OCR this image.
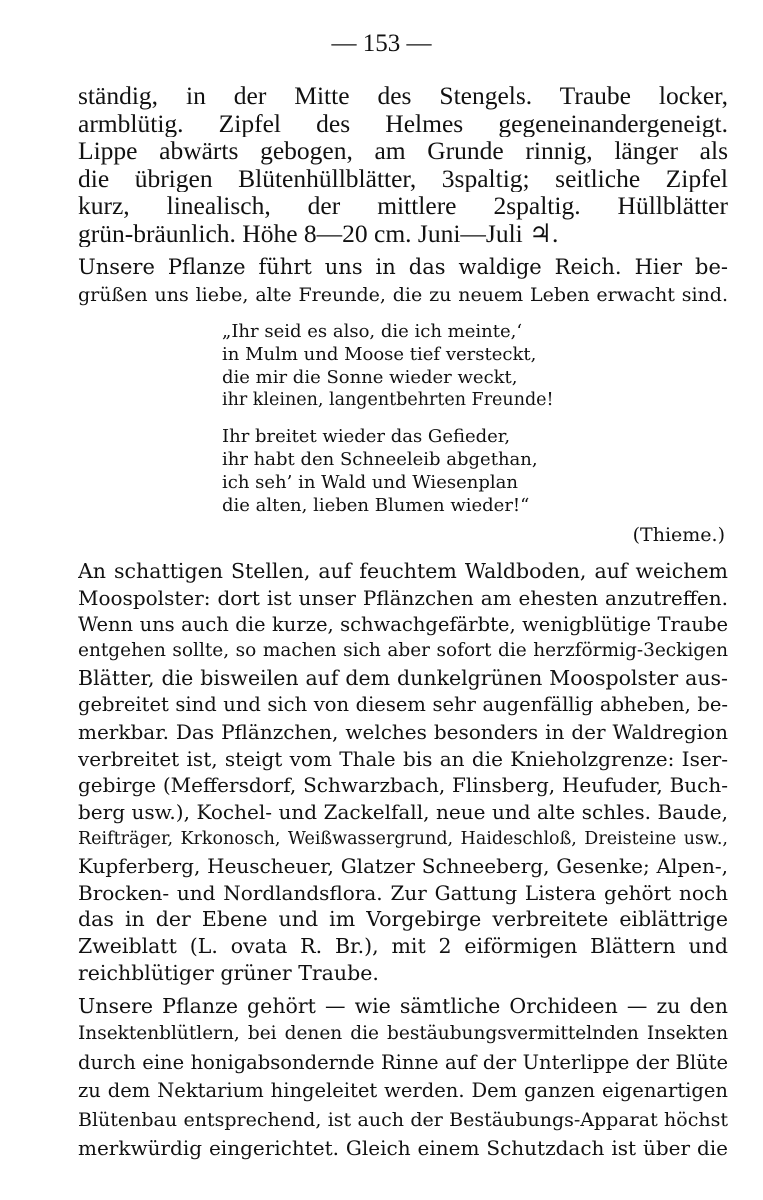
— 153 —
ständig, in der Mitte des Stengels. Traube locker,
armblütig. Zipfel des Helmes gegeneinandergeneigt.
Lippe abwärts gebogen, am Grunde rinnig, länger als
die übrigen Blütenhüllblätter, 3spaltig; seitliche Zipfel
kurz, linealisch, der mittlere 2spaltig. Hüllblätter
grün-bräunlich. Höhe 8—20 cm. Juni—Juli ♃.
Unsere Pflanze führt uns in das waldige Reich. Hier be-
grüßen uns liebe, alte Freunde, die zu neuem Leben erwacht sind.
„Ihr seid es also, die ich meinte,‘
in Mulm und Moose tief versteckt,
die mir die Sonne wieder weckt,
ihr kleinen, langentbehrten Freunde!
Ihr breitet wieder das Gefieder,
ihr habt den Schneeleib abgethan,
ich seh’ in Wald und Wiesenplan
die alten, lieben Blumen wieder!“
(Thieme.)
An schattigen Stellen, auf feuchtem Waldboden, auf weichem
Moospolster: dort ist unser Pflänzchen am ehesten anzutreffen.
Wenn uns auch die kurze, schwachgefärbte, wenigblütige Traube
entgehen sollte, so machen sich aber sofort die herzförmig-3eckigen
Blätter, die bisweilen auf dem dunkelgrünen Moospolster aus-
gebreitet sind und sich von diesem sehr augenfällig abheben, be-
merkbar. Das Pflänzchen, welches besonders in der Waldregion
verbreitet ist, steigt vom Thale bis an die Knieholzgrenze: Iser-
gebirge (Meffersdorf, Schwarzbach, Flinsberg, Heufuder, Buch-
berg usw.), Kochel- und Zackelfall, neue und alte schles. Baude,
Reifträger, Krkonosch, Weißwassergrund, Haideschloß, Dreisteine usw.,
Kupferberg, Heuscheuer, Glatzer Schneeberg, Gesenke; Alpen-,
Brocken- und Nordlandsflora. Zur Gattung Listera gehört noch
das in der Ebene und im Vorgebirge verbreitete eiblättrige
Zweiblatt (L. ovata R. Br.), mit 2 eiförmigen Blättern und
reichblütiger grüner Traube.
Unsere Pflanze gehört — wie sämtliche Orchideen — zu den
Insektenblütlern, bei denen die bestäubungsvermittelnden Insekten
durch eine honigabsondernde Rinne auf der Unterlippe der Blüte
zu dem Nektarium hingeleitet werden. Dem ganzen eigenartigen
Blütenbau entsprechend, ist auch der Bestäubungs-Apparat höchst
merkwürdig eingerichtet. Gleich einem Schutzdach ist über die
